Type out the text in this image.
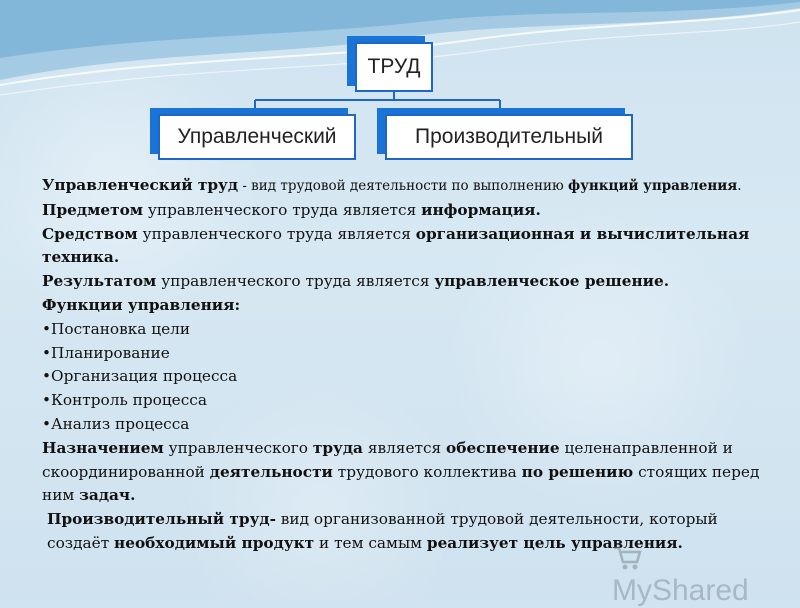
ТРУД
Управленческий	Производительный

Управленческий труд - вид трудовой деятельности по выполнению функций управления.

Предметом управленческого труда является информация.

Средством управленческого труда является организационная и вычислительная техника.

Результатом управленческого труда является управленческое решение.

Функции управления:

•Постановка цели

•Планирование

•Организация процесса

•Контроль процесса

•Анализ процесса

Назначением управленческого труда является обеспечение целенаправленной и скоординированной деятельности трудового коллектива по решению стоящих перед ним задач.

Производительный труд- вид организованной трудовой деятельности, который создаёт необходимый продукт и тем самым реализует цель управления.

MyShared
